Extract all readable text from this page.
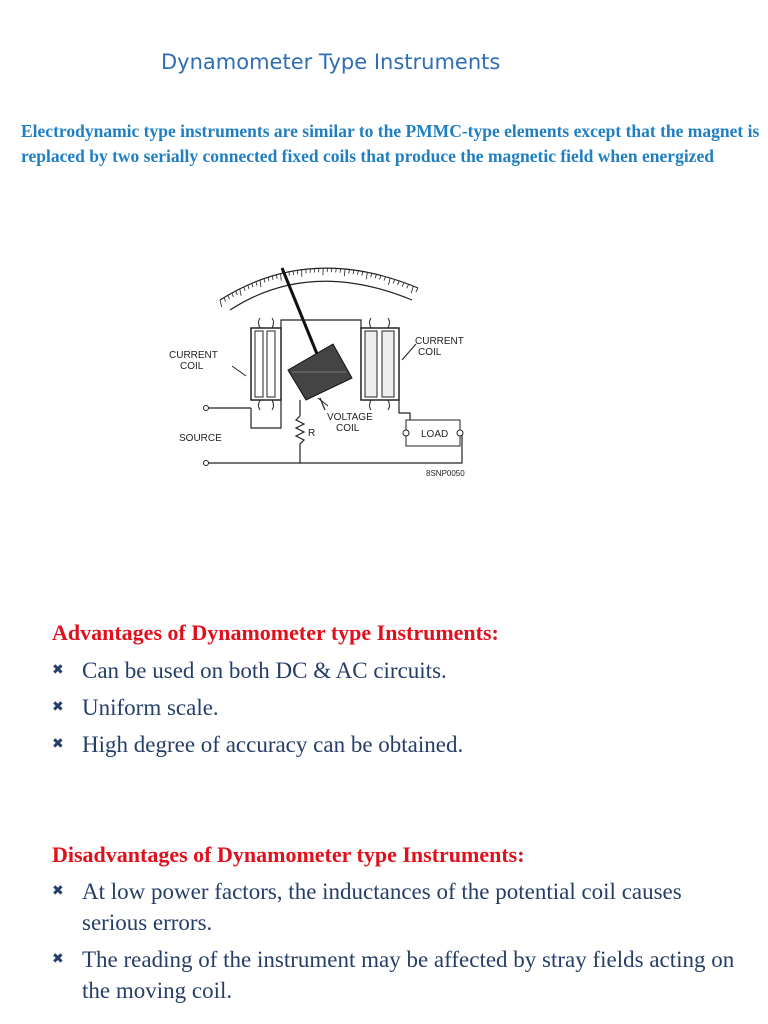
Dynamometer Type Instruments
Electrodynamic type instruments are similar to the PMMC-type elements except that the magnet is replaced by two serially connected fixed coils that produce the magnetic field when energized
CURRENT
COIL
CURRENT
COIL
VOLTAGE
COIL
R
SOURCE	LOAD
8SNP0050
Advantages of Dynamometer type Instruments:
✖ Can be used on both DC & AC circuits.
✖ Uniform scale.
✖ High degree of accuracy can be obtained.
Disadvantages of Dynamometer type Instruments:
✖ At low power factors, the inductances of the potential coil causes serious errors.
✖ The reading of the instrument may be affected by stray fields acting on the moving coil.
